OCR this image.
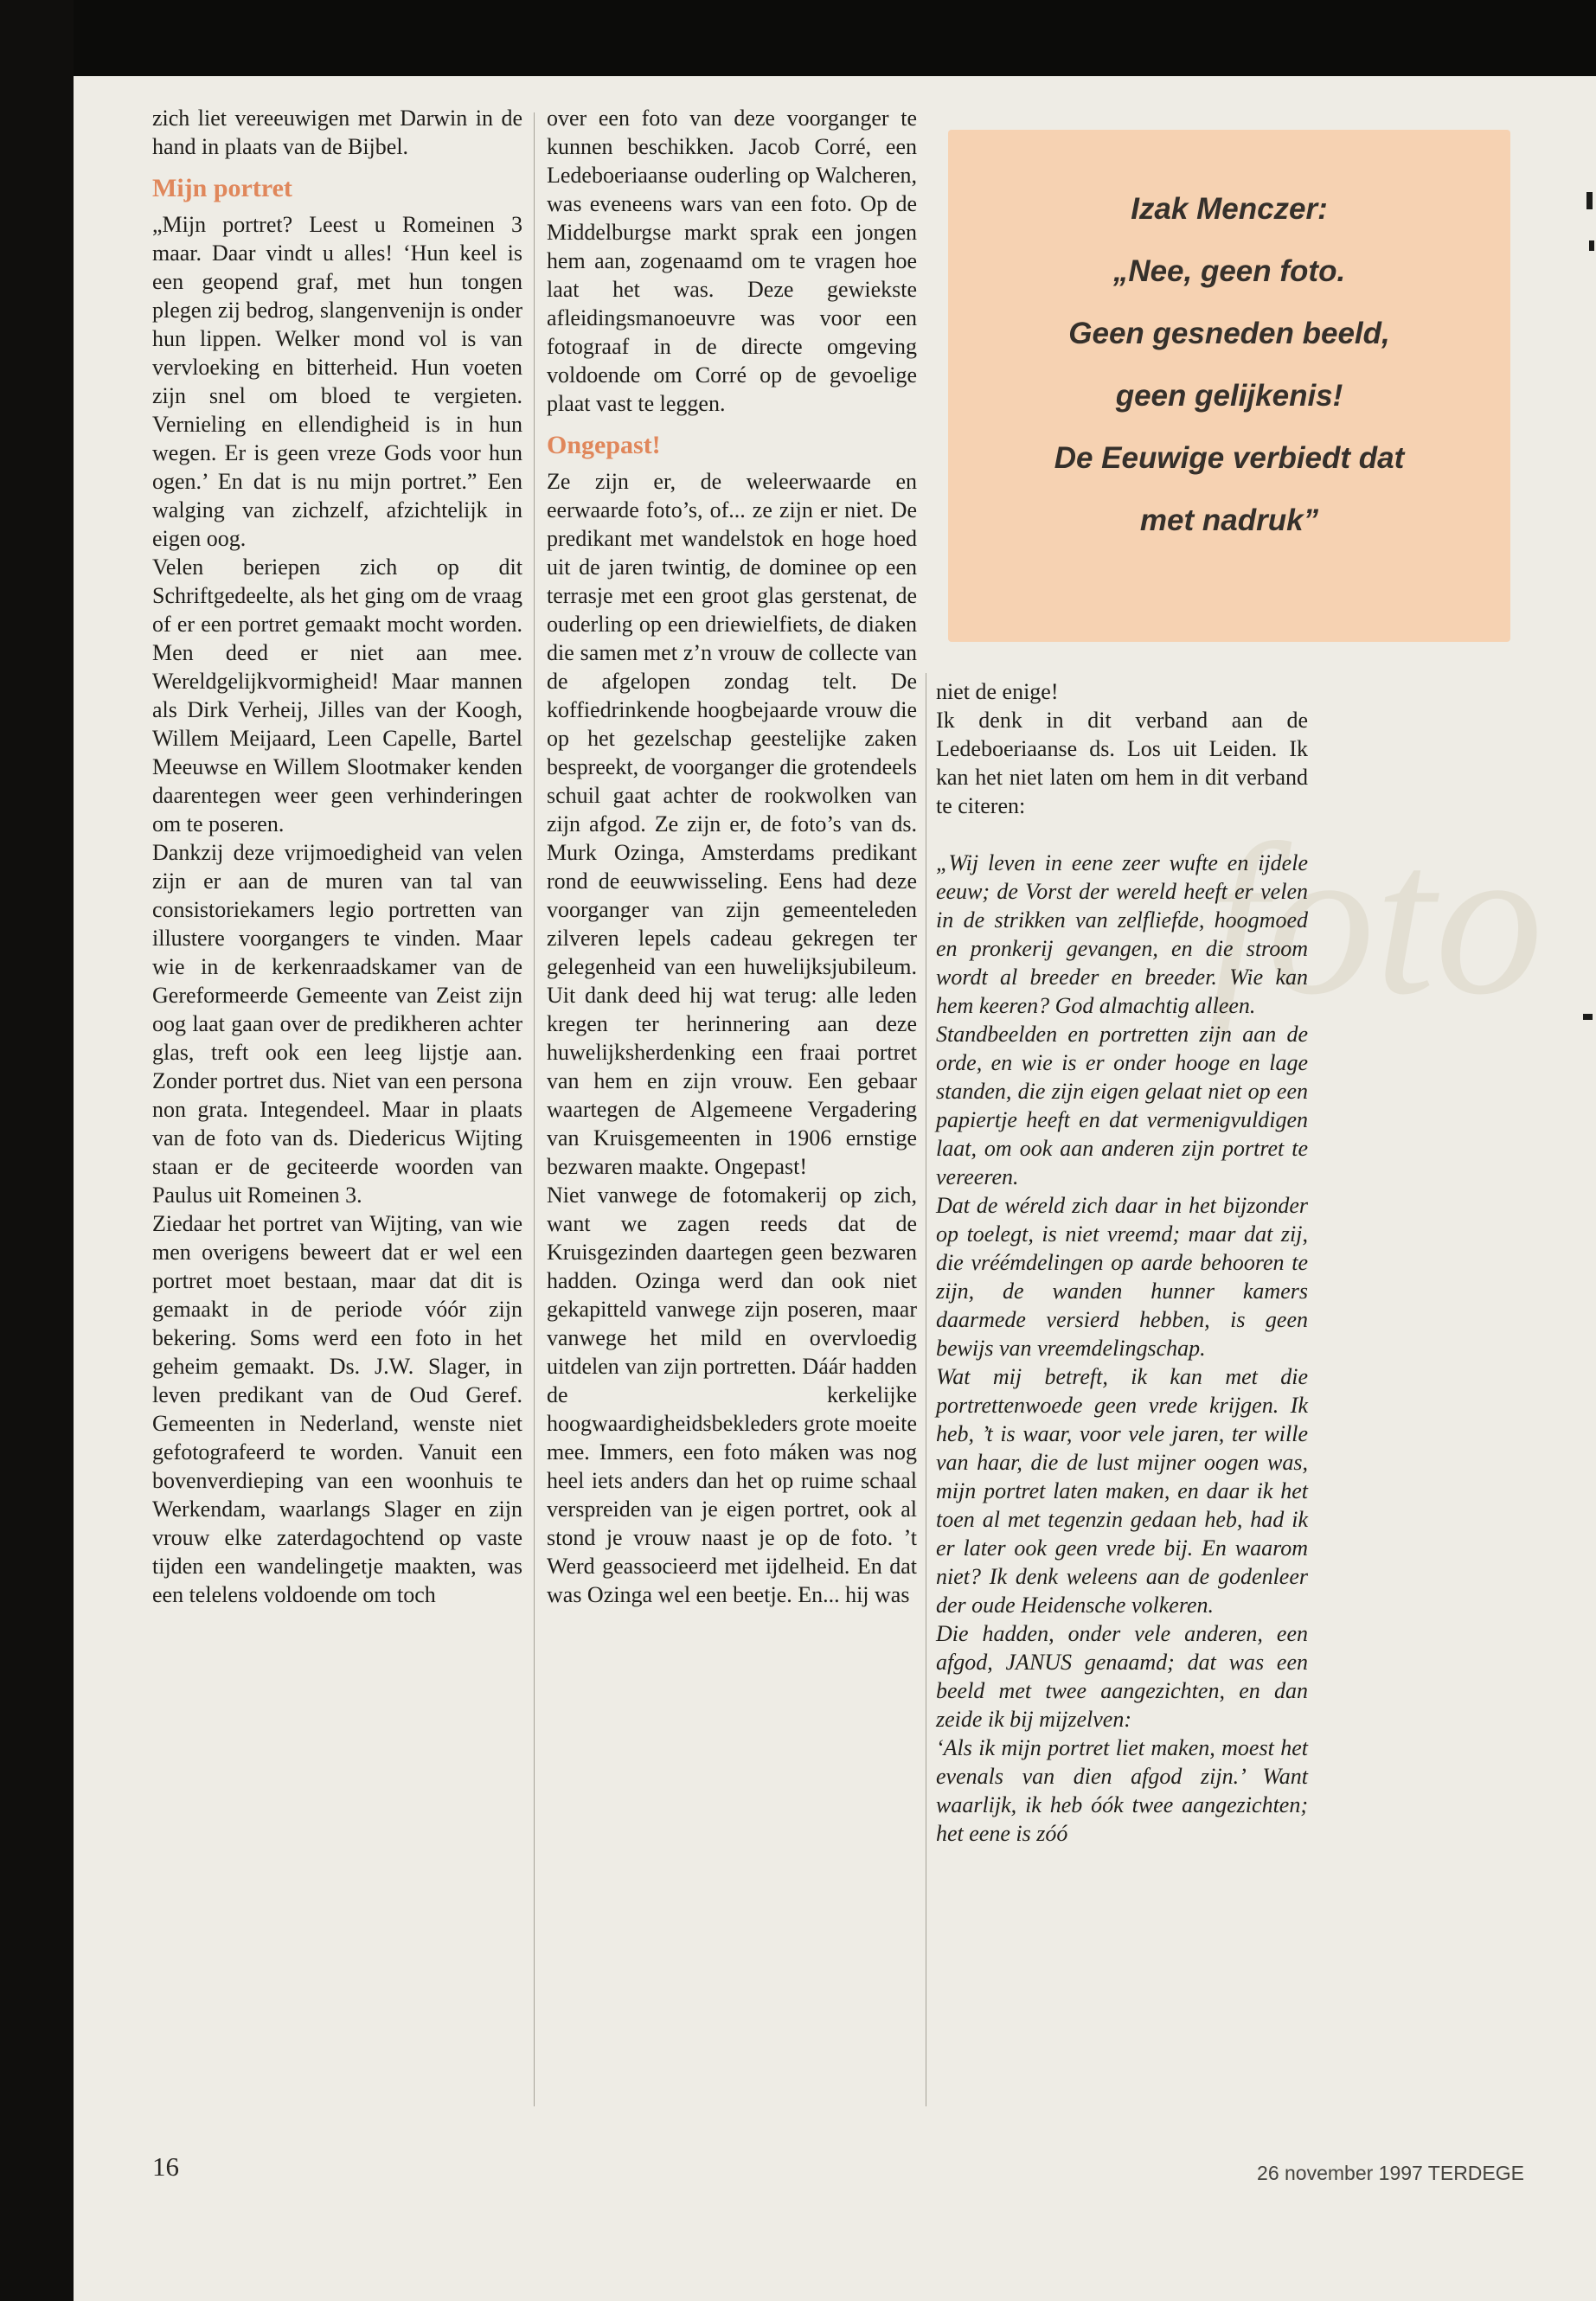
foto

zich liet vereeuwigen met Darwin in de hand in plaats van de Bijbel.

Mijn portret

„Mijn portret? Leest u Romeinen 3 maar. Daar vindt u alles! ‘Hun keel is een geopend graf, met hun tongen plegen zij bedrog, slangenvenijn is onder hun lippen. Welker mond vol is van vervloeking en bitterheid. Hun voeten zijn snel om bloed te vergieten. Vernieling en ellendigheid is in hun wegen. Er is geen vreze Gods voor hun ogen.’ En dat is nu mijn portret.” Een walging van zichzelf, afzichtelijk in eigen oog.

Velen beriepen zich op dit Schriftgedeelte, als het ging om de vraag of er een portret gemaakt mocht worden. Men deed er niet aan mee. Wereldgelijkvormigheid! Maar mannen als Dirk Verheij, Jilles van der Koogh, Willem Meijaard, Leen Capelle, Bartel Meeuwse en Willem Slootmaker kenden daarentegen weer geen verhinderingen om te poseren.

Dankzij deze vrijmoedigheid van velen zijn er aan de muren van tal van consistoriekamers legio portretten van illustere voorgangers te vinden. Maar wie in de kerkenraadskamer van de Gereformeerde Gemeente van Zeist zijn oog laat gaan over de predikheren achter glas, treft ook een leeg lijstje aan. Zonder portret dus. Niet van een persona non grata. Integendeel. Maar in plaats van de foto van ds. Diedericus Wijting staan er de geciteerde woorden van Paulus uit Romeinen 3.

Ziedaar het portret van Wijting, van wie men overigens beweert dat er wel een portret moet bestaan, maar dat dit is gemaakt in de periode vóór zijn bekering. Soms werd een foto in het geheim gemaakt. Ds. J.W. Slager, in leven predikant van de Oud Geref. Gemeenten in Nederland, wenste niet gefotografeerd te worden. Vanuit een bovenverdieping van een woonhuis te Werkendam, waarlangs Slager en zijn vrouw elke zaterdagochtend op vaste tijden een wandelingetje maakten, was een telelens voldoende om toch

over een foto van deze voorganger te kunnen beschikken. Jacob Corré, een Ledeboeriaanse ouderling op Walcheren, was eveneens wars van een foto. Op de Middelburgse markt sprak een jongen hem aan, zogenaamd om te vragen hoe laat het was. Deze gewiekste afleidingsmanoeuvre was voor een fotograaf in de directe omgeving voldoende om Corré op de gevoelige plaat vast te leggen.

Ongepast!

Ze zijn er, de weleerwaarde en eerwaarde foto’s, of... ze zijn er niet. De predikant met wandelstok en hoge hoed uit de jaren twintig, de dominee op een terrasje met een groot glas gerstenat, de ouderling op een driewielfiets, de diaken die samen met z’n vrouw de collecte van de afgelopen zondag telt. De koffiedrinkende hoogbejaarde vrouw die op het gezelschap geestelijke zaken bespreekt, de voorganger die grotendeels schuil gaat achter de rookwolken van zijn afgod. Ze zijn er, de foto’s van ds. Murk Ozinga, Amsterdams predikant rond de eeuwwisseling. Eens had deze voorganger van zijn gemeenteleden zilveren lepels cadeau gekregen ter gelegenheid van een huwelijksjubileum. Uit dank deed hij wat terug: alle leden kregen ter herinnering aan deze huwelijksherdenking een fraai portret van hem en zijn vrouw. Een gebaar waartegen de Algemeene Vergadering van Kruisgemeenten in 1906 ernstige bezwaren maakte. Ongepast!

Niet vanwege de fotomakerij op zich, want we zagen reeds dat de Kruisgezinden daartegen geen bezwaren hadden. Ozinga werd dan ook niet gekapitteld vanwege zijn poseren, maar vanwege het mild en overvloedig uitdelen van zijn portretten. Dáár hadden de kerkelijke hoogwaardigheidsbekleders grote moeite mee. Immers, een foto máken was nog heel iets anders dan het op ruime schaal verspreiden van je eigen portret, ook al stond je vrouw naast je op de foto. ’t Werd geassocieerd met ijdelheid. En dat was Ozinga wel een beetje. En... hij was

Izak Menczer:
„Nee, geen foto.
Geen gesneden beeld,
geen gelijkenis!
De Eeuwige verbiedt dat
met nadruk”

niet de enige!

Ik denk in dit verband aan de Ledeboeriaanse ds. Los uit Leiden. Ik kan het niet laten om hem in dit verband te citeren:

„Wij leven in eene zeer wufte en ijdele eeuw; de Vorst der wereld heeft er velen in de strikken van zelfliefde, hoogmoed en pronkerij gevangen, en die stroom wordt al breeder en breeder. Wie kan hem keeren? God almachtig alleen.

Standbeelden en portretten zijn aan de orde, en wie is er onder hooge en lage standen, die zijn eigen gelaat niet op een papiertje heeft en dat vermenigvuldigen laat, om ook aan anderen zijn portret te vereeren.

Dat de wéreld zich daar in het bijzonder op toelegt, is niet vreemd; maar dat zij, die vréémdelingen op aarde behooren te zijn, de wanden hunner kamers daarmede versierd hebben, is geen bewijs van vreemdelingschap.

Wat mij betreft, ik kan met die portrettenwoede geen vrede krijgen. Ik heb, ’t is waar, voor vele jaren, ter wille van haar, die de lust mijner oogen was, mijn portret laten maken, en daar ik het toen al met tegenzin gedaan heb, had ik er later ook geen vrede bij. En waarom niet? Ik denk weleens aan de godenleer der oude Heidensche volkeren.

Die hadden, onder vele anderen, een afgod, JANUS genaamd; dat was een beeld met twee aangezichten, en dan zeide ik bij mijzelven:

‘Als ik mijn portret liet maken, moest het evenals van dien afgod zijn.’ Want waarlijk, ik heb óók twee aangezichten; het eene is zóó

16	26 november 1997 TERDEGE
